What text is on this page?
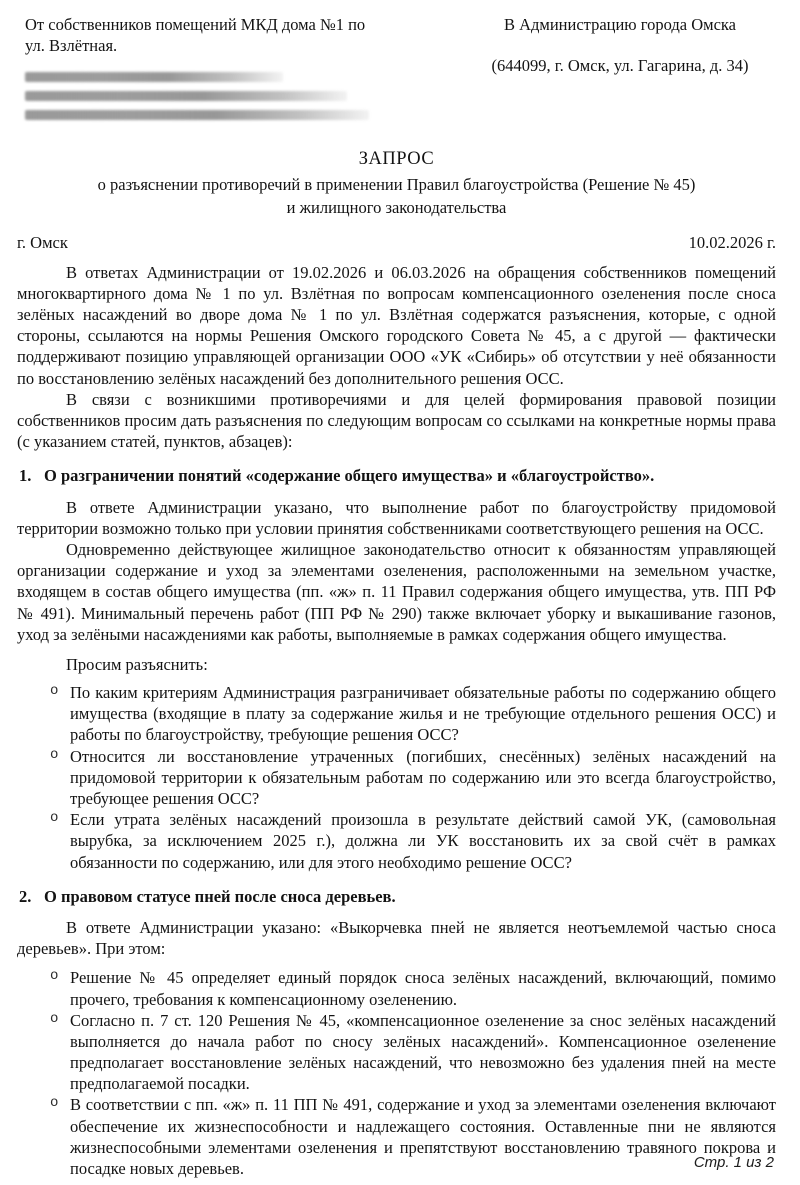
От собственников помещений МКД дома №1 по ул. Взлётная.
В Администрацию города Омска
(644099, г. Омск, ул. Гагарина, д. 34)
ЗАПРОС
о разъяснении противоречий в применении Правил благоустройства (Решение № 45)
и жилищного законодательства
г. Омск	10.02.2026 г.

В ответах Администрации от 19.02.2026 и 06.03.2026 на обращения собственников помещений многоквартирного дома № 1 по ул. Взлётная по вопросам компенсационного озеленения после сноса зелёных насаждений во дворе дома № 1 по ул. Взлётная содержатся разъяснения, которые, с одной стороны, ссылаются на нормы Решения Омского городского Совета № 45, а с другой — фактически поддерживают позицию управляющей организации ООО «УК «Сибирь» об отсутствии у неё обязанности по восстановлению зелёных насаждений без дополнительного решения ОСС.

В связи с возникшими противоречиями и для целей формирования правовой позиции собственников просим дать разъяснения по следующим вопросам со ссылками на конкретные нормы права (с указанием статей, пунктов, абзацев):

1. О разграничении понятий «содержание общего имущества» и «благоустройство».

В ответе Администрации указано, что выполнение работ по благоустройству придомовой территории возможно только при условии принятия собственниками соответствующего решения на ОСС.

Одновременно действующее жилищное законодательство относит к обязанностям управляющей организации содержание и уход за элементами озеленения, расположенными на земельном участке, входящем в состав общего имущества (пп. «ж» п. 11 Правил содержания общего имущества, утв. ПП РФ № 491). Минимальный перечень работ (ПП РФ № 290) также включает уборку и выкашивание газонов, уход за зелёными насаждениями как работы, выполняемые в рамках содержания общего имущества.

Просим разъяснить:
o По каким критериям Администрация разграничивает обязательные работы по содержанию общего имущества (входящие в плату за содержание жилья и не требующие отдельного решения ОСС) и работы по благоустройству, требующие решения ОСС?
o Относится ли восстановление утраченных (погибших, снесённых) зелёных насаждений на придомовой территории к обязательным работам по содержанию или это всегда благоустройство, требующее решения ОСС?
o Если утрата зелёных насаждений произошла в результате действий самой УК, (самовольная вырубка, за исключением 2025 г.), должна ли УК восстановить их за свой счёт в рамках обязанности по содержанию, или для этого необходимо решение ОСС?
2. О правовом статусе пней после сноса деревьев.

В ответе Администрации указано: «Выкорчевка пней не является неотъемлемой частью сноса деревьев». При этом:

o Решение № 45 определяет единый порядок сноса зелёных насаждений, включающий, помимо прочего, требования к компенсационному озеленению.
o Согласно п. 7 ст. 120 Решения № 45, «компенсационное озеленение за снос зелёных насаждений выполняется до начала работ по сносу зелёных насаждений». Компенсационное озеленение предполагает восстановление зелёных насаждений, что невозможно без удаления пней на месте предполагаемой посадки.
o В соответствии с пп. «ж» п. 11 ПП № 491, содержание и уход за элементами озеленения включают обеспечение их жизнеспособности и надлежащего состояния. Оставленные пни не являются жизнеспособными элементами озеленения и препятствуют восстановлению травяного покрова и посадке новых деревьев.	Стр. 1 из 2
